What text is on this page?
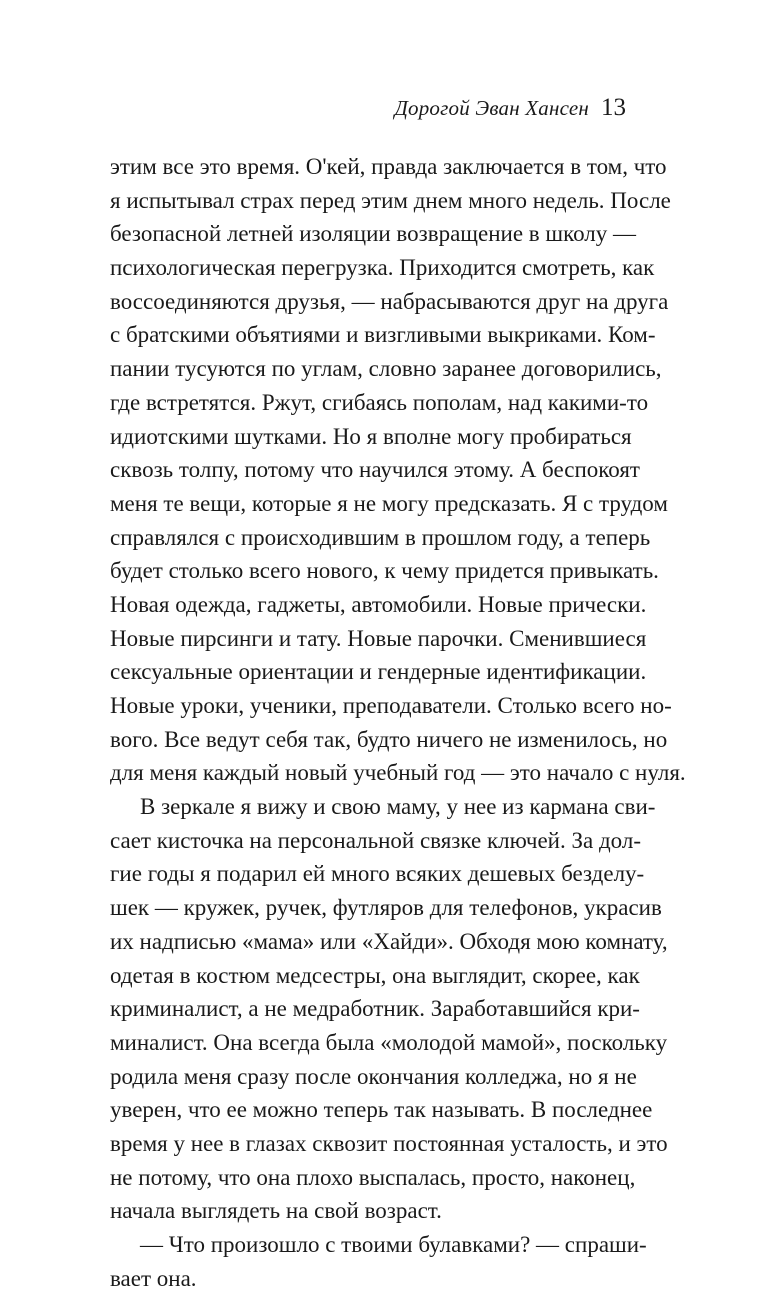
Дорогой Эван Хансен 13
этим все это время. О'кей, правда заключается в том, что
я испытывал страх перед этим днем много недель. После
безопасной летней изоляции возвращение в школу —
психологическая перегрузка. Приходится смотреть, как
воссоединяются друзья, — набрасываются друг на друга
с братскими объятиями и визгливыми выкриками. Ком-
пании тусуются по углам, словно заранее договорились,
где встретятся. Ржут, сгибаясь пополам, над какими-то
идиотскими шутками. Но я вполне могу пробираться
сквозь толпу, потому что научился этому. А беспокоят
меня те вещи, которые я не могу предсказать. Я с трудом
справлялся с происходившим в прошлом году, а теперь
будет столько всего нового, к чему придется привыкать.
Новая одежда, гаджеты, автомобили. Новые прически.
Новые пирсинги и тату. Новые парочки. Сменившиеся
сексуальные ориентации и гендерные идентификации.
Новые уроки, ученики, преподаватели. Столько всего но-
вого. Все ведут себя так, будто ничего не изменилось, но
для меня каждый новый учебный год — это начало с нуля.
В зеркале я вижу и свою маму, у нее из кармана сви-
сает кисточка на персональной связке ключей. За дол-
гие годы я подарил ей много всяких дешевых безделу-
шек — кружек, ручек, футляров для телефонов, украсив
их надписью «мама» или «Хайди». Обходя мою комнату,
одетая в костюм медсестры, она выглядит, скорее, как
криминалист, а не медработник. Заработавшийся кри-
миналист. Она всегда была «молодой мамой», поскольку
родила меня сразу после окончания колледжа, но я не
уверен, что ее можно теперь так называть. В последнее
время у нее в глазах сквозит постоянная усталость, и это
не потому, что она плохо выспалась, просто, наконец,
начала выглядеть на свой возраст.
— Что произошло с твоими булавками? — спраши-
вает она.
